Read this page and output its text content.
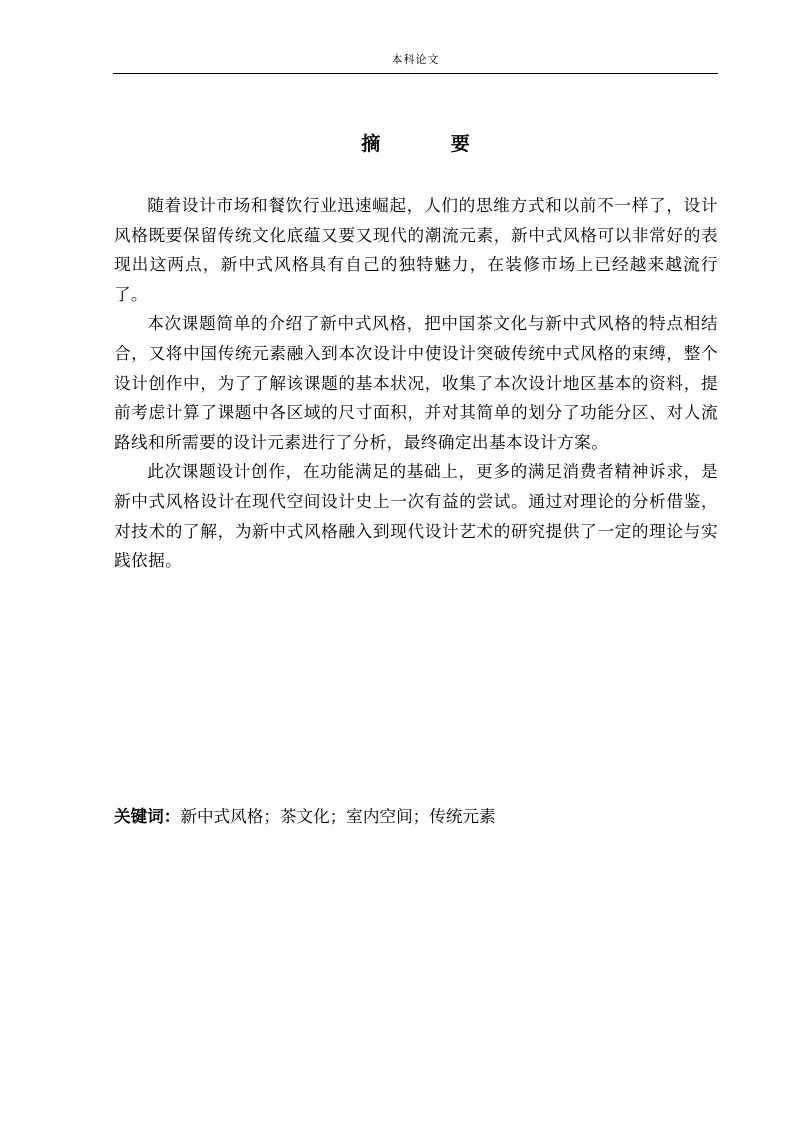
本科论文
摘 要

随着设计市场和餐饮行业迅速崛起，人们的思维方式和以前不一样了，设计风格既要保留传统文化底蕴又要又现代的潮流元素，新中式风格可以非常好的表现出这两点，新中式风格具有自己的独特魅力，在装修市场上已经越来越流行了。

本次课题简单的介绍了新中式风格，把中国茶文化与新中式风格的特点相结合，又将中国传统元素融入到本次设计中使设计突破传统中式风格的束缚，整个设计创作中，为了了解该课题的基本状况，收集了本次设计地区基本的资料，提前考虑计算了课题中各区域的尺寸面积，并对其简单的划分了功能分区、对人流路线和所需要的设计元素进行了分析，最终确定出基本设计方案。

此次课题设计创作，在功能满足的基础上，更多的满足消费者精神诉求，是新中式风格设计在现代空间设计史上一次有益的尝试。通过对理论的分析借鉴，对技术的了解，为新中式风格融入到现代设计艺术的研究提供了一定的理论与实践依据。

关键词：新中式风格；茶文化；室内空间；传统元素
